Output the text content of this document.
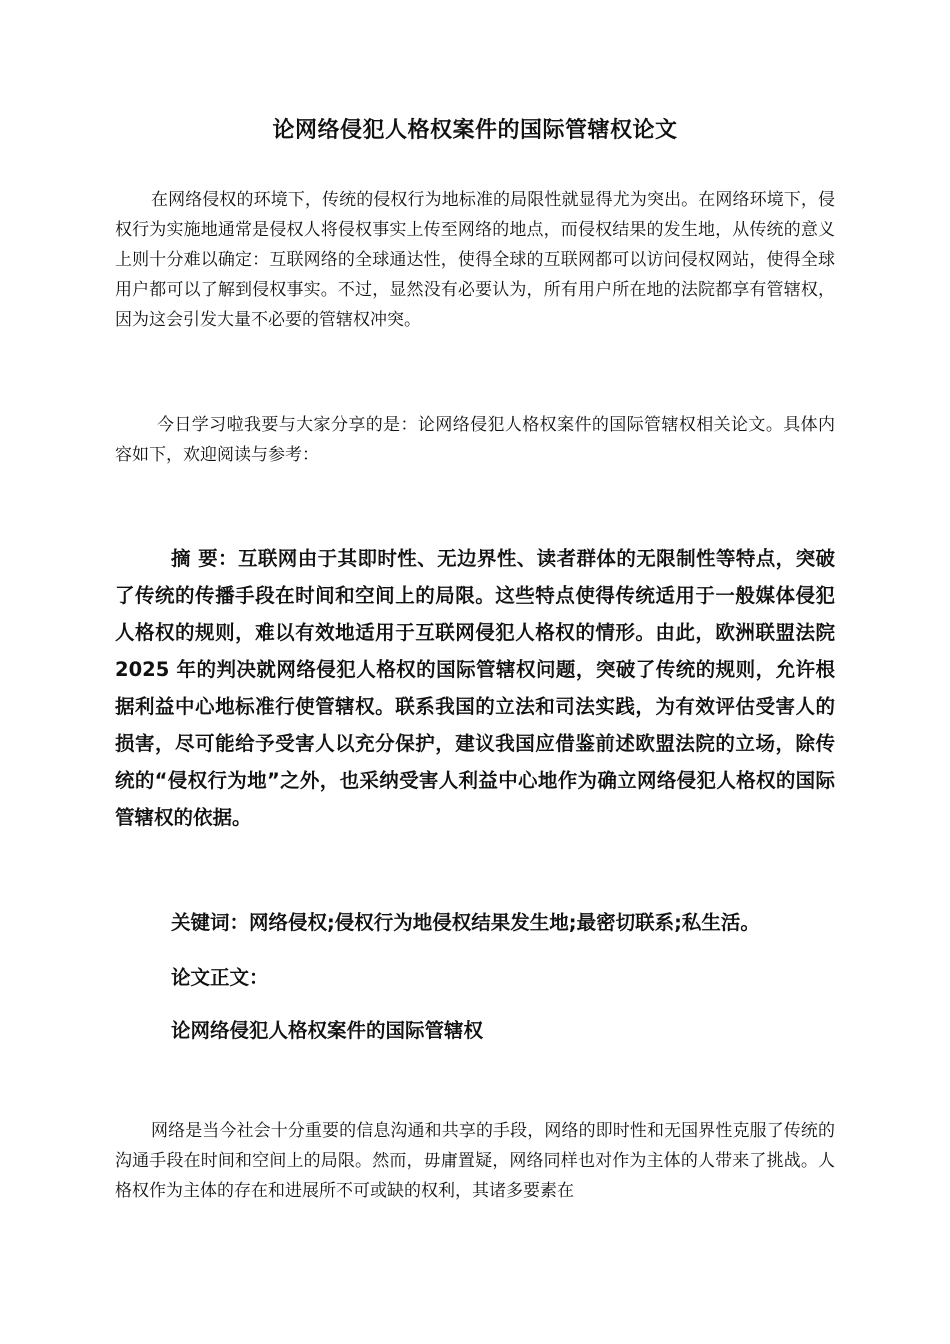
论网络侵犯人格权案件的国际管辖权论文

在网络侵权的环境下，传统的侵权行为地标准的局限性就显得尤为突出。在网络环境下，侵权行为实施地通常是侵权人将侵权事实上传至网络的地点，而侵权结果的发生地，从传统的意义上则十分难以确定：互联网络的全球通达性，使得全球的互联网都可以访问侵权网站，使得全球用户都可以了解到侵权事实。不过，显然没有必要认为，所有用户所在地的法院都享有管辖权，因为这会引发大量不必要的管辖权冲突。

今日学习啦我要与大家分享的是：论网络侵犯人格权案件的国际管辖权相关论文。具体内容如下，欢迎阅读与参考：

摘 要：互联网由于其即时性、无边界性、读者群体的无限制性等特点，突破了传统的传播手段在时间和空间上的局限。这些特点使得传统适用于一般媒体侵犯人格权的规则，难以有效地适用于互联网侵犯人格权的情形。由此，欧洲联盟法院 2025 年的判决就网络侵犯人格权的国际管辖权问题，突破了传统的规则，允许根据利益中心地标准行使管辖权。联系我国的立法和司法实践，为有效评估受害人的损害，尽可能给予受害人以充分保护，建议我国应借鉴前述欧盟法院的立场，除传统的“侵权行为地”之外，也采纳受害人利益中心地作为确立网络侵犯人格权的国际管辖权的依据。

关键词：网络侵权;侵权行为地侵权结果发生地;最密切联系;私生活。

论文正文：

论网络侵犯人格权案件的国际管辖权

网络是当今社会十分重要的信息沟通和共享的手段，网络的即时性和无国界性克服了传统的沟通手段在时间和空间上的局限。然而，毋庸置疑，网络同样也对作为主体的人带来了挑战。人格权作为主体的存在和进展所不可或缺的权利，其诸多要素在
